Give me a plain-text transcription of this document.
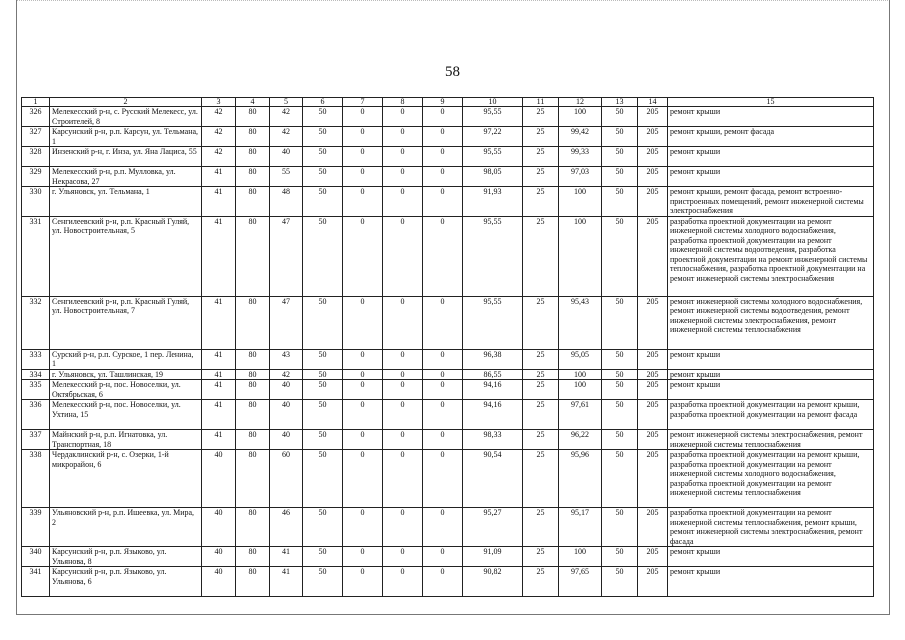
58
1	2	3	4	5	6	7	8	9	10	11	12	13	14	15
326	Мелекесский р-н, с. Русский Мелекесс, ул. Строителей, 8	42	80	42	50	0	0	0	95,55	25	100	50	205	ремонт крыши
327	Карсунский р-н, р.п. Карсун, ул. Тельмана, 1	42	80	42	50	0	0	0	97,22	25	99,42	50	205	ремонт крыши, ремонт фасада
328	Инзенский р-н, г. Инза, ул. Яна Лациса, 55	42	80	40	50	0	0	0	95,55	25	99,33	50	205	ремонт крыши
329	Мелекесский р-н, р.п. Мулловка, ул. Некрасова, 27	41	80	55	50	0	0	0	98,05	25	97,03	50	205	ремонт крыши
330	г. Ульяновск, ул. Тельмана, 1	41	80	48	50	0	0	0	91,93	25	100	50	205	ремонт крыши, ремонт фасада, ремонт встроенно-пристроенных помещений, ремонт инженерной системы электроснабжения
331	Сенгилеевский р-н, р.п. Красный Гуляй, ул. Новостроительная, 5	41	80	47	50	0	0	0	95,55	25	100	50	205	разработка проектной документации на ремонт инженерной системы холодного водоснабжения, разработка проектной документации на ремонт инженерной системы водоотведения, разработка проектной документации на ремонт инженерной системы теплоснабжения, разработка проектной документации на ремонт инженерной системы электроснабжения
332	Сенгилеевский р-н, р.п. Красный Гуляй, ул. Новостроительная, 7	41	80	47	50	0	0	0	95,55	25	95,43	50	205	ремонт инженерной системы холодного водоснабжения, ремонт инженерной системы водоотведения, ремонт инженерной системы электроснабжения, ремонт инженерной системы теплоснабжения
333	Сурский р-н, р.п. Сурское, 1 пер. Ленина, 1	41	80	43	50	0	0	0	96,38	25	95,05	50	205	ремонт крыши
334	г. Ульяновск, ул. Ташлинская, 19	41	80	42	50	0	0	0	86,55	25	100	50	205	ремонт крыши
335	Мелекесский р-н, пос. Новоселки, ул. Октябрьская, 6	41	80	40	50	0	0	0	94,16	25	100	50	205	ремонт крыши
336	Мелекесский р-н, пос. Новоселки, ул. Ухтина, 15	41	80	40	50	0	0	0	94,16	25	97,61	50	205	разработка проектной документации на ремонт крыши, разработка проектной документации на ремонт фасада
337	Майнский р-н, р.п. Игнатовка, ул. Транспортная, 18	41	80	40	50	0	0	0	98,33	25	96,22	50	205	ремонт инженерной системы электроснабжения, ремонт инженерной системы теплоснабжения
338	Чердаклинский р-н, с. Озерки, 1-й микрорайон, 6	40	80	60	50	0	0	0	90,54	25	95,96	50	205	разработка проектной документации на ремонт крыши, разработка проектной документации на ремонт инженерной системы холодного водоснабжения, разработка проектной документации на ремонт инженерной системы теплоснабжения
339	Ульяновский р-н, р.п. Ишеевка, ул. Мира, 2	40	80	46	50	0	0	0	95,27	25	95,17	50	205	разработка проектной документации на ремонт инженерной системы теплоснабжения, ремонт крыши, ремонт инженерной системы электроснабжения, ремонт фасада
340	Карсунский р-н, р.п. Языково, ул. Ульянова, 8	40	80	41	50	0	0	0	91,09	25	100	50	205	ремонт крыши
341	Карсунский р-н, р.п. Языково, ул. Ульянова, 6	40	80	41	50	0	0	0	90,82	25	97,65	50	205	ремонт крыши
